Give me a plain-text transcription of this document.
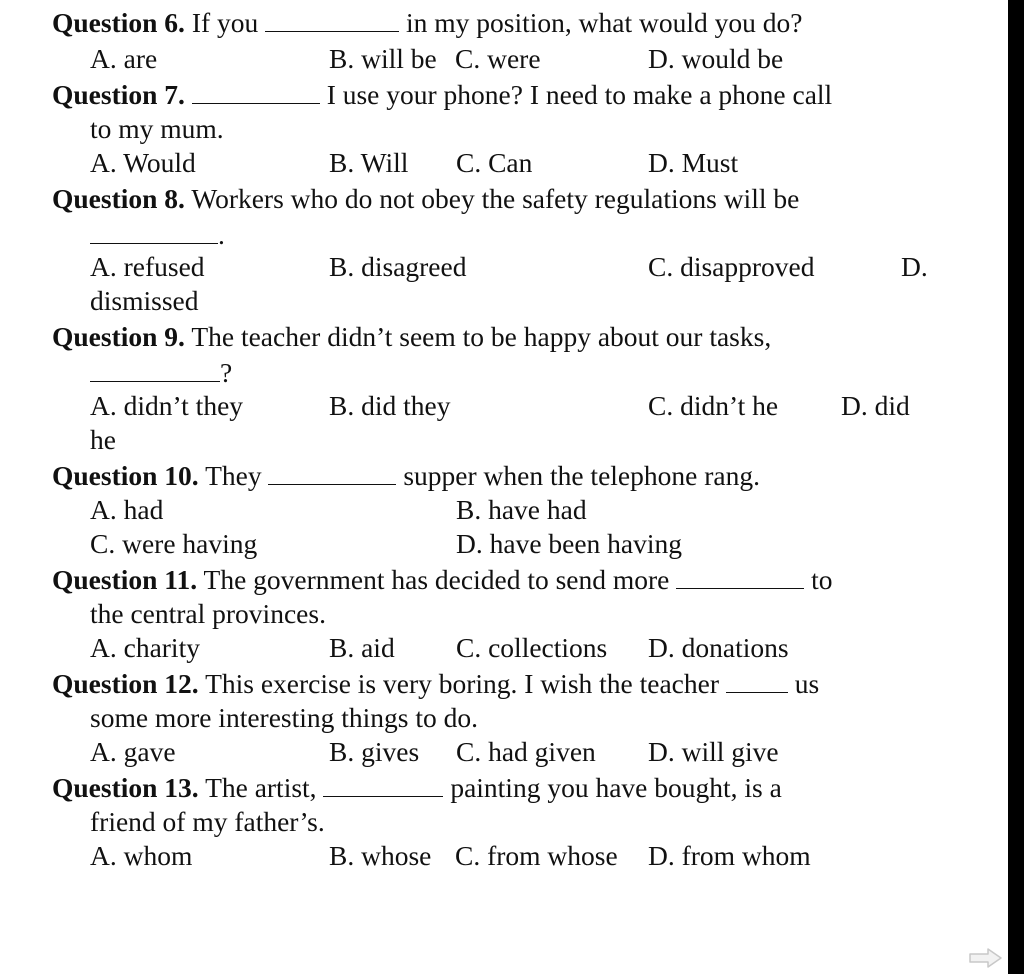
Question 6. If you	in my position, what would you do?
A. are	B. will be C. were	D. would be
Question 7.	I use your phone? I need to make a phone call
to my mum.
A. Would	B. Will C. Can	D. Must
Question 8. Workers who do not obey the safety regulations will be
.
A. refused	B. disagreed	C. disapproved	D.
dismissed
Question 9. The teacher didn’t seem to be happy about our tasks,
?
A. didn’t they	B. did they	C. didn’t he D. did
he
Question 10. They	supper when the telephone rang.
A. had	B. have had
C. were having	D. have been having
Question 11. The government has decided to send more	to
the central provinces.
A. charity	B. aid C. collections D. donations
Question 12. This exercise is very boring. I wish the teacher  us
some more interesting things to do.
A. gave	B. gives C. had given D. will give
Question 13. The artist,	painting you have bought, is a
friend of my father’s.
A. whom	B. whose C. from whose D. from whom
